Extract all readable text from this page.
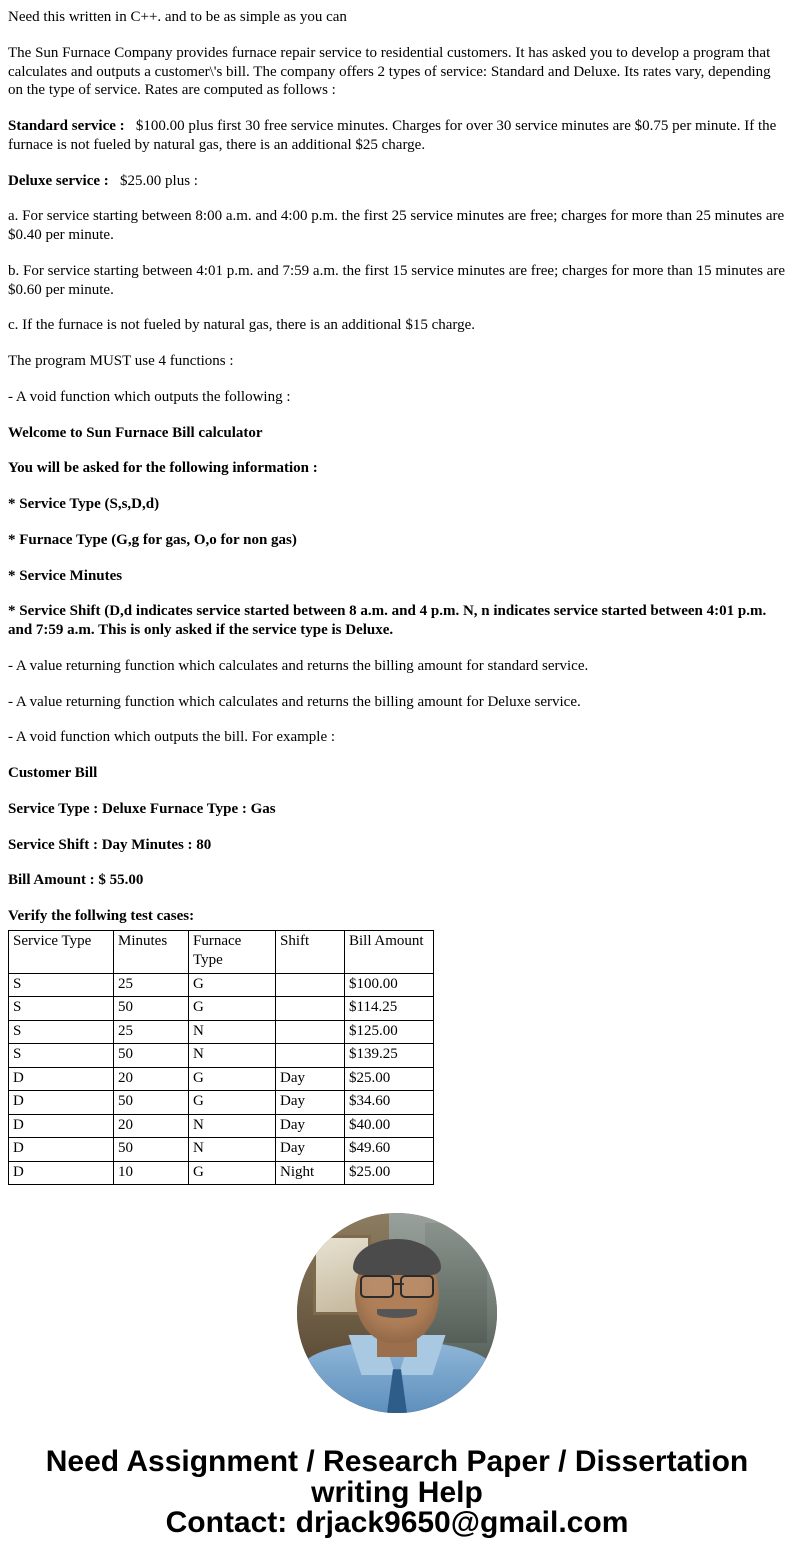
Need this written in C++. and to be as simple as you can

The Sun Furnace Company provides furnace repair service to residential customers. It has asked you to develop a program that calculates and outputs a customer\'s bill. The company offers 2 types of service: Standard and Deluxe. Its rates vary, depending on the type of service. Rates are computed as follows :

Standard service : $100.00 plus first 30 free service minutes. Charges for over 30 service minutes are $0.75 per minute. If the furnace is not fueled by natural gas, there is an additional $25 charge.

Deluxe service : $25.00 plus :

a. For service starting between 8:00 a.m. and 4:00 p.m. the first 25 service minutes are free; charges for more than 25 minutes are $0.40 per minute.

b. For service starting between 4:01 p.m. and 7:59 a.m. the first 15 service minutes are free; charges for more than 15 minutes are $0.60 per minute.

c. If the furnace is not fueled by natural gas, there is an additional $15 charge.

The program MUST use 4 functions :

- A void function which outputs the following :

Welcome to Sun Furnace Bill calculator

You will be asked for the following information :

* Service Type (S,s,D,d)

* Furnace Type (G,g for gas, O,o for non gas)

* Service Minutes

* Service Shift (D,d indicates service started between 8 a.m. and 4 p.m. N, n indicates service started between 4:01 p.m. and 7:59 a.m. This is only asked if the service type is Deluxe.

- A value returning function which calculates and returns the billing amount for standard service.

- A value returning function which calculates and returns the billing amount for Deluxe service.

- A void function which outputs the bill. For example :

Customer Bill

Service Type : Deluxe Furnace Type : Gas

Service Shift : Day Minutes : 80

Bill Amount : $ 55.00

Verify the follwing test cases:

Service Type	Minutes	Furnace Type	Shift	Bill Amount
S	25	G		$100.00
S	50	G		$114.25
S	25	N		$125.00
S	50	N		$139.25
D	20	G	Day	$25.00
D	50	G	Day	$34.60
D	20	N	Day	$40.00
D	50	N	Day	$49.60
D	10	G	Night	$25.00
Need Assignment / Research Paper / Dissertation writing Help
Contact: drjack9650@gmail.com
